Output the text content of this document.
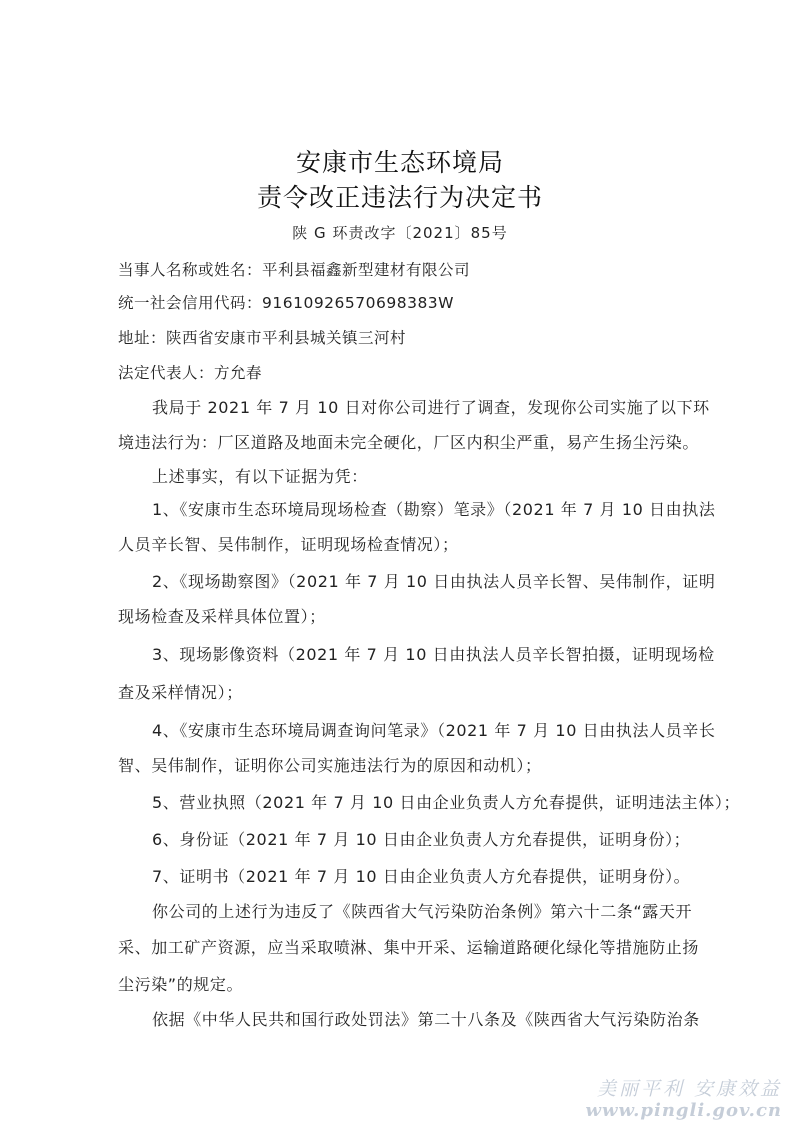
安康市生态环境局
责令改正违法行为决定书
陕 G 环责改字〔2021〕85号
当事人名称或姓名：平利县福鑫新型建材有限公司
统一社会信用代码：91610926570698383W
地址：陕西省安康市平利县城关镇三河村
法定代表人：方允春
我局于 2021 年 7 月 10 日对你公司进行了调查，发现你公司实施了以下环
境违法行为：厂区道路及地面未完全硬化，厂区内积尘严重，易产生扬尘污染。
上述事实，有以下证据为凭：
1、《安康市生态环境局现场检查（勘察）笔录》（2021 年 7 月 10 日由执法
人员辛长智、吴伟制作，证明现场检查情况）；
2、《现场勘察图》（2021 年 7 月 10 日由执法人员辛长智、吴伟制作，证明
现场检查及采样具体位置）；
3、现场影像资料（2021 年 7 月 10 日由执法人员辛长智拍摄，证明现场检
查及采样情况）；
4、《安康市生态环境局调查询问笔录》（2021 年 7 月 10 日由执法人员辛长
智、吴伟制作，证明你公司实施违法行为的原因和动机）；
5、营业执照（2021 年 7 月 10 日由企业负责人方允春提供，证明违法主体）；
6、身份证（2021 年 7 月 10 日由企业负责人方允春提供，证明身份）；
7、证明书（2021 年 7 月 10 日由企业负责人方允春提供，证明身份）。
你公司的上述行为违反了《陕西省大气污染防治条例》第六十二条“露天开
采、加工矿产资源，应当采取喷淋、集中开采、运输道路硬化绿化等措施防止扬
尘污染”的规定。
依据《中华人民共和国行政处罚法》第二十八条及《陕西省大气污染防治条
美丽平利 安康效益
www.pingli.gov.cn
